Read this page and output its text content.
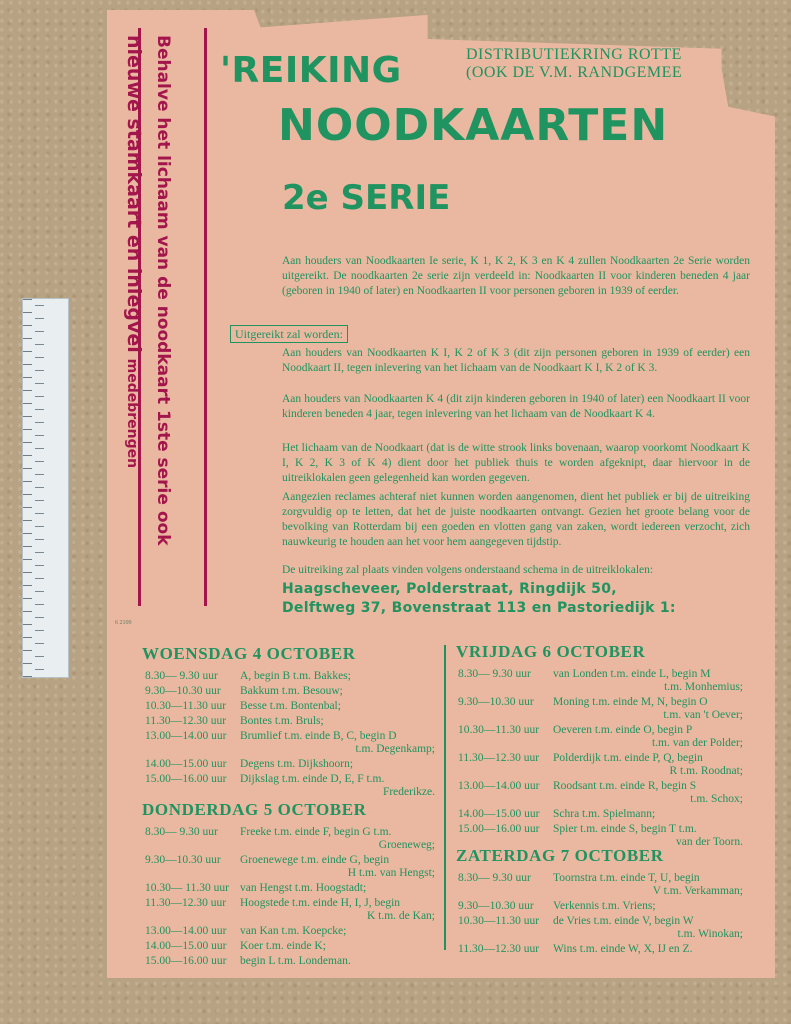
Behalve het lichaam van de noodkaart 1ste serie ook
nieuwe stamkaart en inlegvel medebrengen
'REIKING	DISTRIBUTIEKRING ROTTE
(OOK DE V.M. RANDGEMEE
NOODKAARTEN
2e SERIE
Aan houders van Noodkaarten Ie serie, K 1, K 2, K 3 en K 4 zullen Noodkaarten 2e Serie worden uitgereikt. De noodkaarten 2e serie zijn verdeeld in: Noodkaarten II voor kinderen beneden 4 jaar (geboren in 1940 of later) en Noodkaarten II voor personen geboren in 1939 of eerder.
Uitgereikt zal worden:
Aan houders van Noodkaarten K I, K 2 of K 3 (dit zijn personen geboren in 1939 of eerder) een Noodkaart II, tegen inlevering van het lichaam van de Noodkaart K I, K 2 of K 3.
Aan houders van Noodkaarten K 4 (dit zijn kinderen geboren in 1940 of later) een Noodkaart II voor kinderen beneden 4 jaar, tegen inlevering van het lichaam van de Noodkaart K 4.
Het lichaam van de Noodkaart (dat is de witte strook links bovenaan, waarop voorkomt Noodkaart K I, K 2, K 3 of K 4) dient door het publiek thuis te worden afgeknipt, daar hiervoor in de uitreiklokalen geen gelegenheid kan worden gegeven.
Aangezien reclames achteraf niet kunnen worden aangenomen, dient het publiek er bij de uitreiking zorgvuldig op te letten, dat het de juiste noodkaarten ontvangt. Gezien het groote belang voor de bevolking van Rotterdam bij een goeden en vlotten gang van zaken, wordt iedereen verzocht, zich nauwkeurig te houden aan het voor hem aangegeven tijdstip.
De uitreiking zal plaats vinden volgens onderstaand schema in de uitreiklokalen:
Haagscheveer, Polderstraat, Ringdijk 50,
Delftweg 37, Bovenstraat 113 en Pastoriedijk 1:
6 2109
WOENSDAG 4 OCTOBER
DONDERDAG 5 OCTOBER
VRIJDAG 6 OCTOBER
ZATERDAG 7 OCTOBER
8.30— 9.30 uur	A, begin B t.m. Bakkes;
9.30—10.30 uur	Bakkum t.m. Besouw;
10.30—11.30 uur	Besse t.m. Bontenbal;
11.30—12.30 uur	Bontes t.m. Bruls;
13.00—14.00 uur	Brumlief t.m. einde B, C, begin D
t.m. Degenkamp;
14.00—15.00 uur	Degens t.m. Dijkshoorn;
15.00—16.00 uur	Dijkslag t.m. einde D, E, F t.m.
Frederikze.
8.30— 9.30 uur	Freeke t.m. einde F, begin G t.m.
Groeneweg;
9.30—10.30 uur	Groenewege t.m. einde G, begin
H t.m. van Hengst;
10.30— 11.30 uur van Hengst t.m. Hoogstadt;
11.30—12.30 uur	Hoogstede t.m. einde H, I, J, begin
K t.m. de Kan;
13.00—14.00 uur	van Kan t.m. Koepcke;
14.00—15.00 uur	Koer t.m. einde K;
15.00—16.00 uur	begin L t.m. Londeman.
8.30— 9.30 uur	van Londen t.m. einde L, begin M
t.m. Monhemius;
9.30—10.30 uur	Moning t.m. einde M, N, begin O
t.m. van 't Oever;
10.30—11.30 uur	Oeveren t.m. einde O, begin P
t.m. van der Polder;
11.30—12.30 uur	Polderdijk t.m. einde P, Q, begin
R t.m. Roodnat;
13.00—14.00 uur	Roodsant t.m. einde R, begin S
t.m. Schox;
14.00—15.00 uur	Schra t.m. Spielmann;
15.00—16.00 uur	Spier t.m. einde S, begin T t.m.
van der Toorn.
8.30— 9.30 uur	Toornstra t.m. einde T, U, begin
V t.m. Verkamman;
9.30—10.30 uur	Verkennis t.m. Vriens;
10.30—11.30 uur	de Vries t.m. einde V, begin W
t.m. Winokan;
11.30—12.30 uur	Wins t.m. einde W, X, IJ en Z.
